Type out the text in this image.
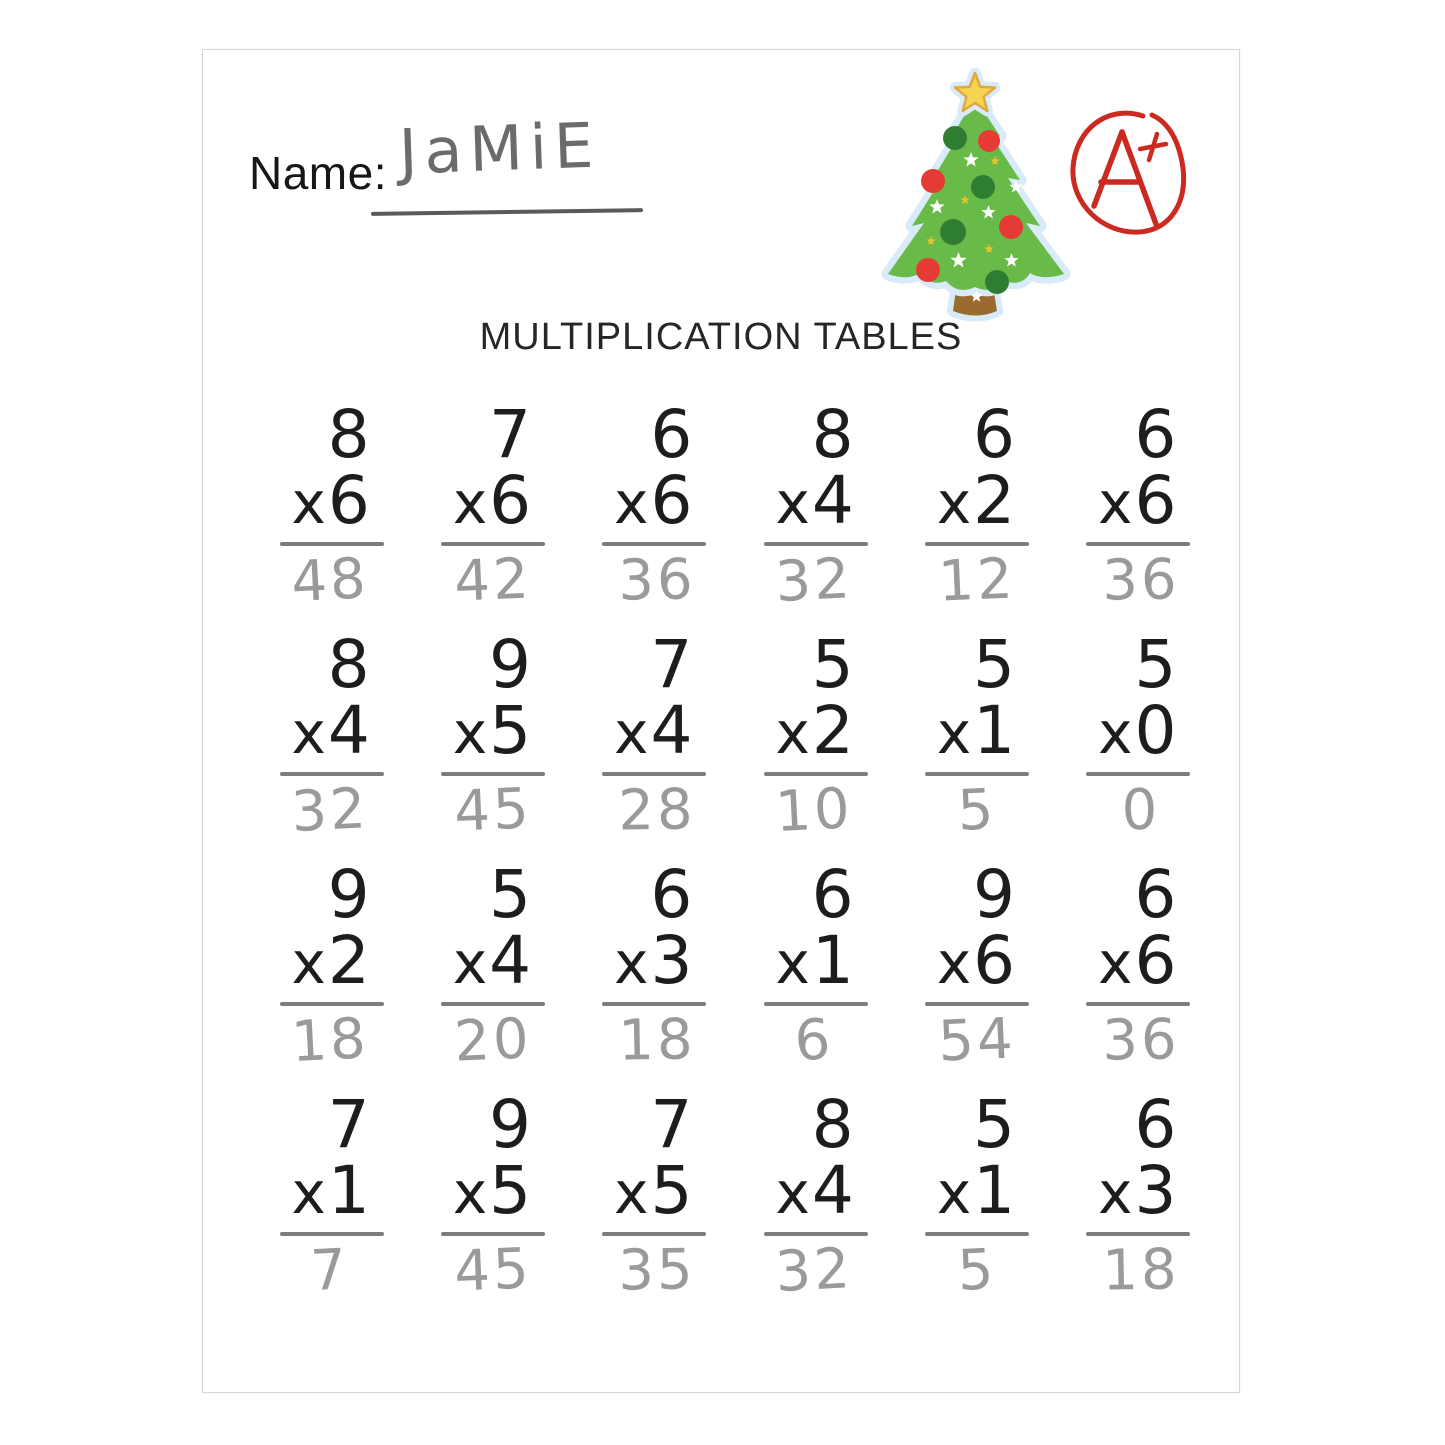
Name: JaMiE
MULTIPLICATION TABLES
8
x6
48
7
x6
42
6
x6
36
8
x4
32
6
x2
12
6
x6
36
8
x4
32
9
x5
45
7
x4
28
5
x2
10
5
x1
5
5
x0
0
9
x2
18
5
x4
20
6
x3
18
6
x1
6
9
x6
54
6
x6
36
7
x1
7
9
x5
45
7
x5
35
8
x4
32
5
x1
5
6
x3
18
